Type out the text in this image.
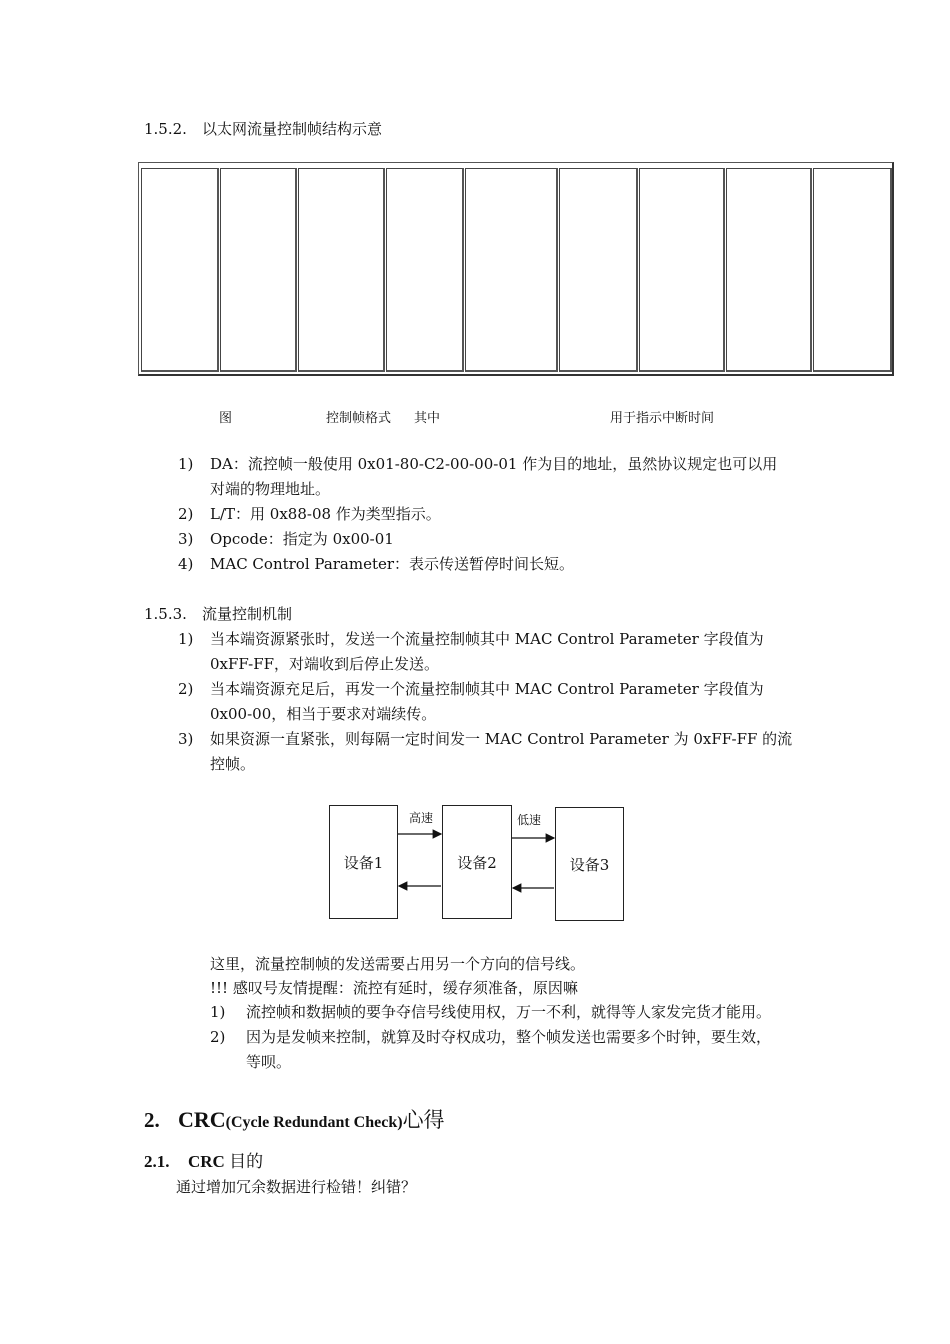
1.5.2. 以太网流量控制帧结构示意
图	控制帧格式 其中	用于指示中断时间
1) DA：流控帧一般使用 0x01-80-C2-00-00-01 作为目的地址，虽然协议规定也可以用
对端的物理地址。
2) L/T：用 0x88-08 作为类型指示。
3) Opcode：指定为 0x00-01
4) MAC Control Parameter：表示传送暂停时间长短。
1.5.3. 流量控制机制
1) 当本端资源紧张时，发送一个流量控制帧其中 MAC Control Parameter 字段值为
0xFF-FF，对端收到后停止发送。
2) 当本端资源充足后，再发一个流量控制帧其中 MAC Control Parameter 字段值为
0x00-00，相当于要求对端续传。
3) 如果资源一直紧张，则每隔一定时间发一 MAC Control Parameter 为 0xFF-FF 的流
控帧。
设备1	设备2	设备3
高速	低速
这里，流量控制帧的发送需要占用另一个方向的信号线。
!!! 感叹号友情提醒：流控有延时，缓存须准备，原因嘛
1) 流控帧和数据帧的要争夺信号线使用权，万一不利，就得等人家发完货才能用。
2) 因为是发帧来控制，就算及时夺权成功，整个帧发送也需要多个时钟，要生效，
等呗。
2. CRC(Cycle Redundant Check)心得
2.1. CRC 目的
通过增加冗余数据进行检错！纠错？
